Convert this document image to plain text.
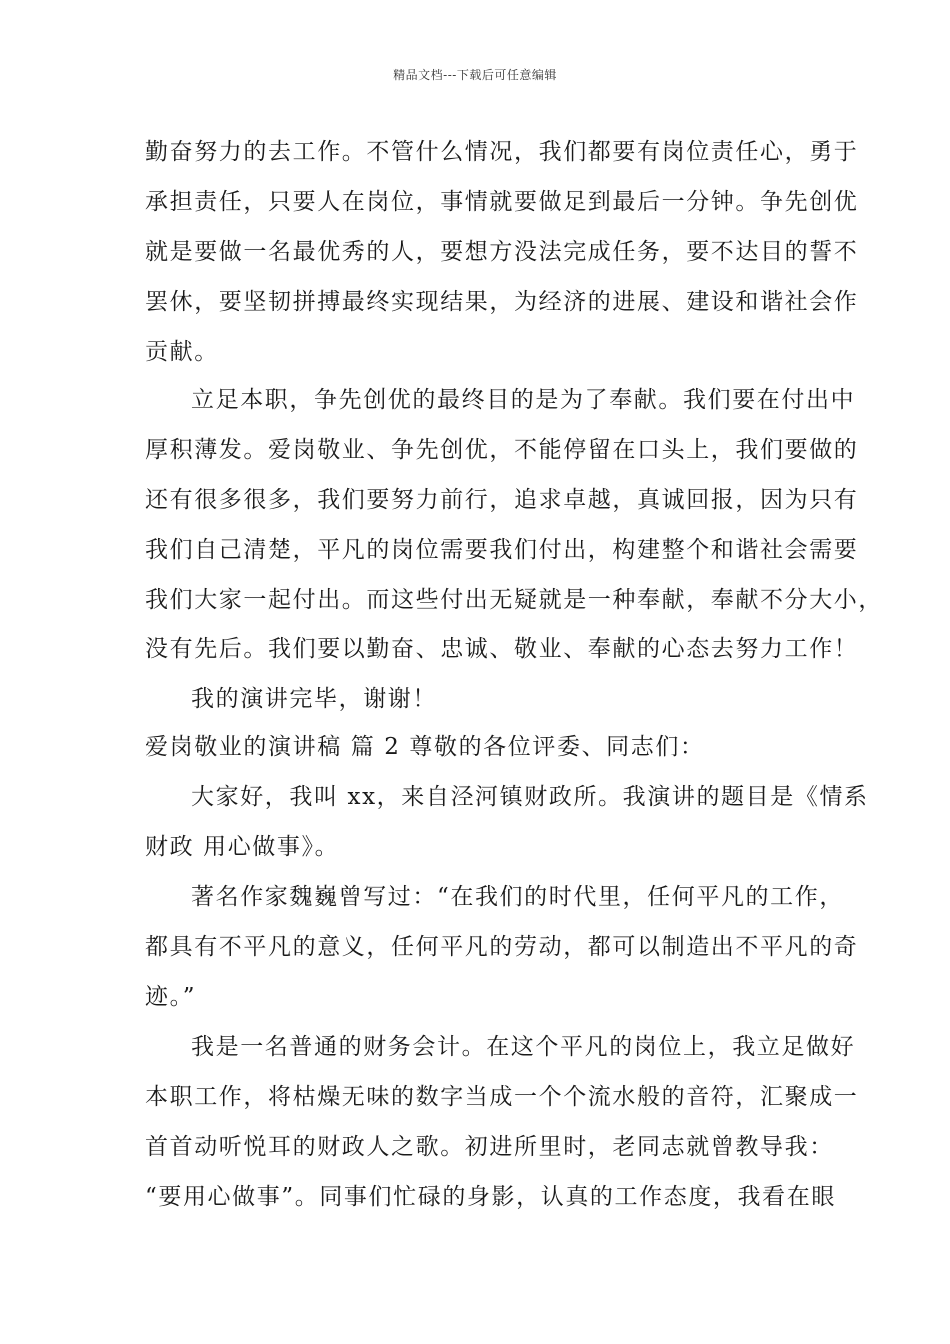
精品文档---下载后可任意编辑
勤奋努力的去工作。不管什么情况，我们都要有岗位责任心，勇于
承担责任，只要人在岗位，事情就要做足到最后一分钟。争先创优
就是要做一名最优秀的人，要想方没法完成任务，要不达目的誓不
罢休，要坚韧拼搏最终实现结果，为经济的进展、建设和谐社会作
贡献。
立足本职，争先创优的最终目的是为了奉献。我们要在付出中
厚积薄发。爱岗敬业、争先创优，不能停留在口头上，我们要做的
还有很多很多，我们要努力前行，追求卓越，真诚回报，因为只有
我们自己清楚，平凡的岗位需要我们付出，构建整个和谐社会需要
我们大家一起付出。而这些付出无疑就是一种奉献，奉献不分大小，
没有先后。我们要以勤奋、忠诚、敬业、奉献的心态去努力工作！
我的演讲完毕，谢谢！
爱岗敬业的演讲稿 篇 2 尊敬的各位评委、同志们：
大家好，我叫 xx，来自泾河镇财政所。我演讲的题目是《情系
财政 用心做事》。
著名作家魏巍曾写过：“在我们的时代里，任何平凡的工作，
都具有不平凡的意义，任何平凡的劳动，都可以制造出不平凡的奇
迹。”
我是一名普通的财务会计。在这个平凡的岗位上，我立足做好
本职工作，将枯燥无味的数字当成一个个流水般的音符，汇聚成一
首首动听悦耳的财政人之歌。初进所里时，老同志就曾教导我：
“要用心做事”。同事们忙碌的身影，认真的工作态度，我看在眼
